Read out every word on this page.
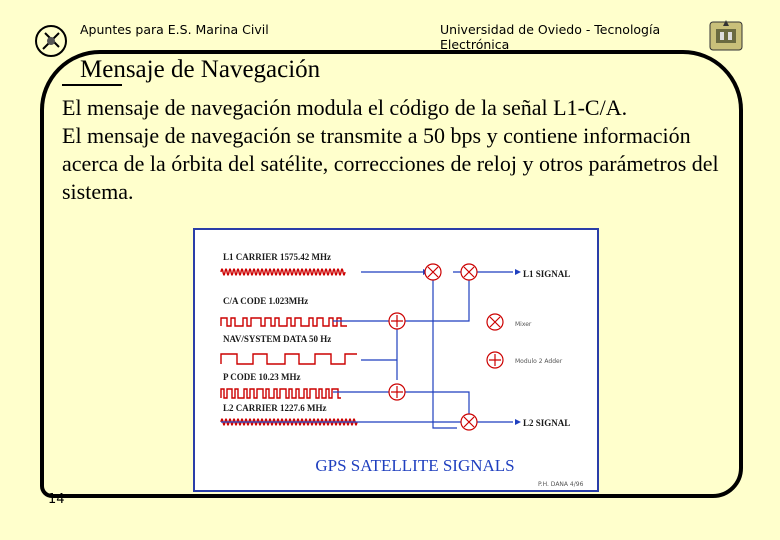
Apuntes para E.S. Marina Civil	Universidad de Oviedo - Tecnología Electrónica
Mensaje de Navegación

El mensaje de navegación modula el código de la señal L1-C/A.

El mensaje de navegación se transmite a 50 bps y contiene información acerca de la órbita del satélite, correcciones de reloj y otros parámetros del sistema.

L1 CARRIER 1575.42 MHz
C/A CODE 1.023MHz
NAV/SYSTEM DATA 50 Hz
P CODE 10.23 MHz
L2 CARRIER 1227.6 MHz
L1 SIGNAL
L2 SIGNAL
Mixer
Modulo 2 Adder
P.H. DANA 4/96
GPS SATELLITE SIGNALS
14
